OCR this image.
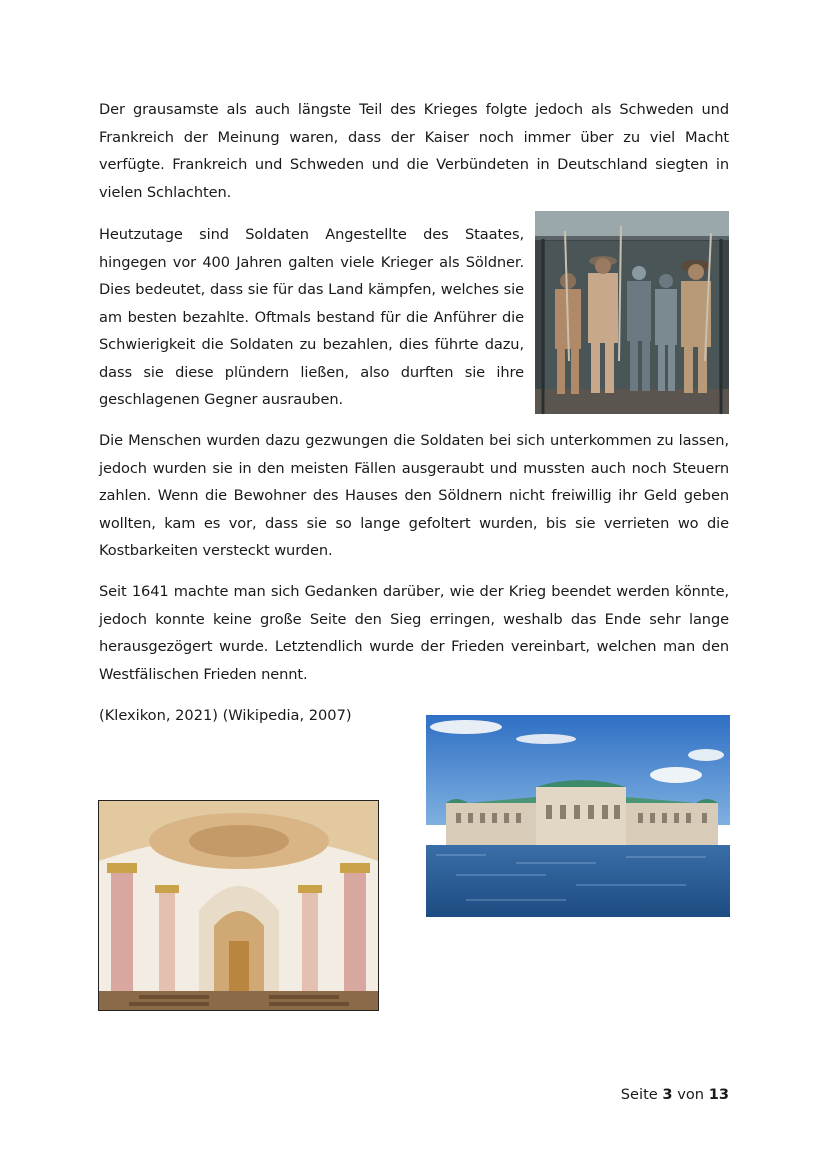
Der grausamste als auch längste Teil des Krieges folgte jedoch als Schweden und Frankreich der Meinung waren, dass der Kaiser noch immer über zu viel Macht verfügte. Frankreich und Schweden und die Verbündeten in Deutschland siegten in vielen Schlachten.

Heutzutage sind Soldaten Angestellte des Staates, hingegen vor 400 Jahren galten viele Krieger als Söldner. Dies bedeutet, dass sie für das Land kämpfen, welches sie am besten bezahlte. Oftmals bestand für die Anführer die Schwierigkeit die Soldaten zu bezahlen, dies führte dazu, dass sie diese plündern ließen, also durften sie ihre geschlagenen Gegner ausrauben.

Die Menschen wurden dazu gezwungen die Soldaten bei sich unterkommen zu lassen, jedoch wurden sie in den meisten Fällen ausgeraubt und mussten auch noch Steuern zahlen. Wenn die Bewohner des Hauses den Söldnern nicht freiwillig ihr Geld geben wollten, kam es vor, dass sie so lange gefoltert wurden, bis sie verrieten wo die Kostbarkeiten versteckt wurden.

Seit 1641 machte man sich Gedanken darüber, wie der Krieg beendet werden könnte, jedoch konnte keine große Seite den Sieg erringen, weshalb das Ende sehr lange herausgezögert wurde. Letztendlich wurde der Frieden vereinbart, welchen man den Westfälischen Frieden nennt.

(Klexikon, 2021) (Wikipedia, 2007)

Seite 3 von 13
